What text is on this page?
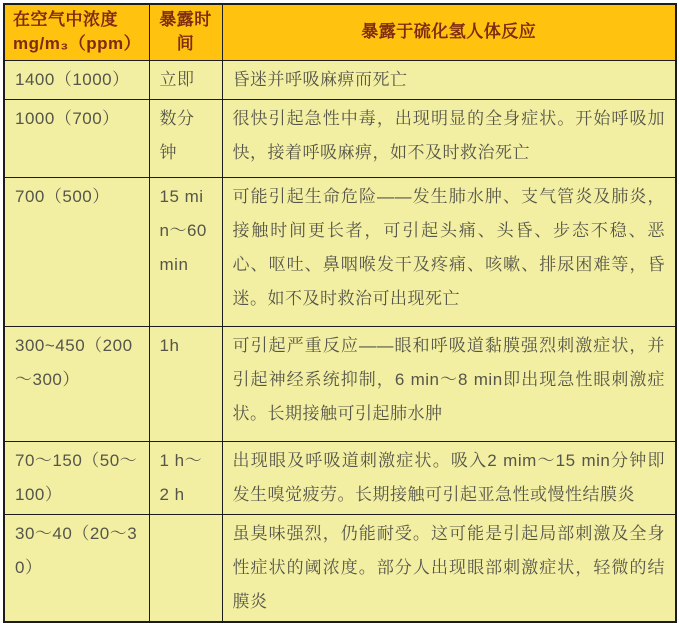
在空气中浓度mg/m₃（ppm）	暴露时间	暴露于硫化氢人体反应
1400（1000）	立即	昏迷并呼吸麻痹而死亡
1000（700）	数分钟	很快引起急性中毒，出现明显的全身症状。开始呼吸加快，接着呼吸麻痹，如不及时救治死亡
700（500）	15 min～60 min	可能引起生命危险——发生肺水肿、支气管炎及肺炎，接触时间更长者，可引起头痛、头昏、步态不稳、恶心、呕吐、鼻咽喉发干及疼痛、咳嗽、排尿困难等，昏迷。如不及时救治可出现死亡
300~450（200～300）	1h	可引起严重反应——眼和呼吸道黏膜强烈刺激症状，并引起神经系统抑制，6 min～8 min即出现急性眼刺激症状。长期接触可引起肺水肿
70～150（50～100）	1 h～2 h	出现眼及呼吸道刺激症状。吸入2 mim～15 min分钟即发生嗅觉疲劳。长期接触可引起亚急性或慢性结膜炎
30～40（20～30）		虽臭味强烈，仍能耐受。这可能是引起局部刺激及全身性症状的阈浓度。部分人出现眼部刺激症状，轻微的结膜炎
